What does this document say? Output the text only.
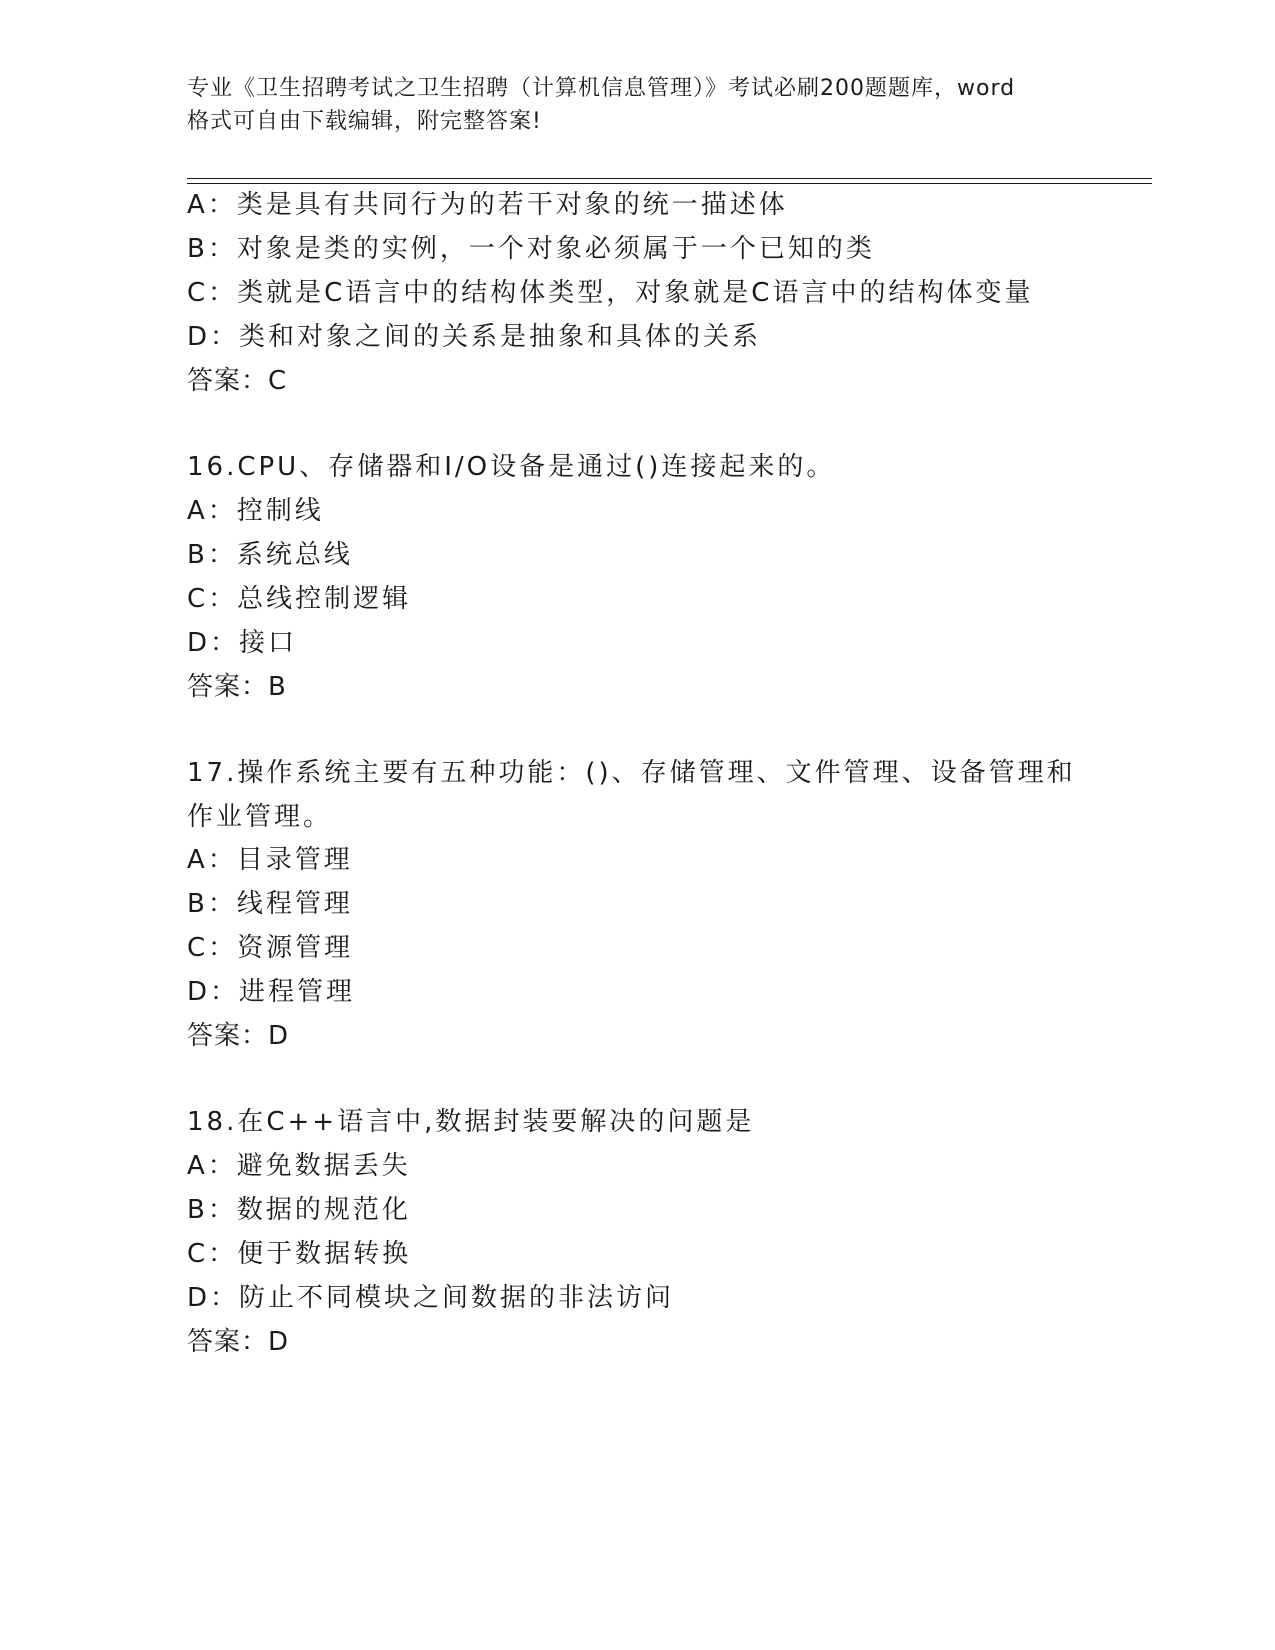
专业《卫生招聘考试之卫生招聘（计算机信息管理）》考试必刷200题题库，word
格式可自由下载编辑，附完整答案!
A：类是具有共同行为的若干对象的统一描述体
B：对象是类的实例，一个对象必须属于一个已知的类
C：类就是C语言中的结构体类型，对象就是C语言中的结构体变量
D：类和对象之间的关系是抽象和具体的关系
答案：C
16.CPU、存储器和I/O设备是通过()连接起来的。
A：控制线
B：系统总线
C：总线控制逻辑
D：接口
答案：B
17.操作系统主要有五种功能：()、存储管理、文件管理、设备管理和
作业管理。
A：目录管理
B：线程管理
C：资源管理
D：进程管理
答案：D
18.在C++语言中,数据封装要解决的问题是
A：避免数据丢失
B：数据的规范化
C：便于数据转换
D：防止不同模块之间数据的非法访问
答案：D
